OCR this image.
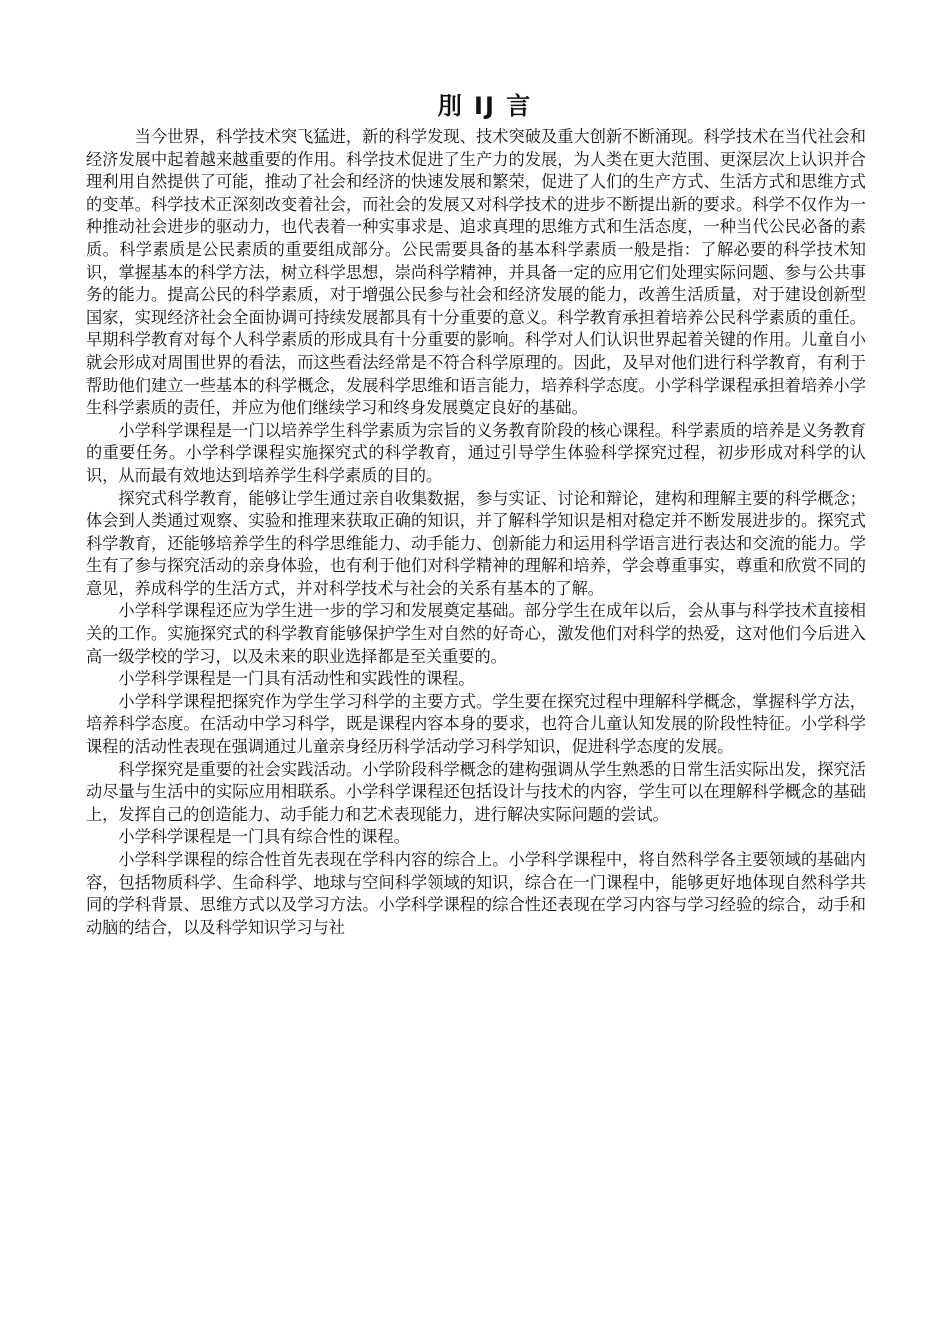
刖 IJ 言

当今世界，科学技术突飞猛进，新的科学发现、技术突破及重大创新不断涌现。科学技术在当代社会和经济发展中起着越来越重要的作用。科学技术促进了生产力的发展，为人类在更大范围、更深层次上认识并合理利用自然提供了可能，推动了社会和经济的快速发展和繁荣，促进了人们的生产方式、生活方式和思维方式的变革。科学技术正深刻改变着社会，而社会的发展又对科学技术的进步不断提出新的要求。科学不仅作为一种推动社会进步的驱动力，也代表着一种实事求是、追求真理的思维方式和生活态度，一种当代公民必备的素质。科学素质是公民素质的重要组成部分。公民需要具备的基本科学素质一般是指：了解必要的科学技术知识，掌握基本的科学方法，树立科学思想，崇尚科学精神，并具备一定的应用它们处理实际问题、参与公共事务的能力。提高公民的科学素质，对于增强公民参与社会和经济发展的能力，改善生活质量，对于建设创新型国家，实现经济社会全面协调可持续发展都具有十分重要的意义。科学教育承担着培养公民科学素质的重任。早期科学教育对每个人科学素质的形成具有十分重要的影响。科学对人们认识世界起着关键的作用。儿童自小就会形成对周围世界的看法，而这些看法经常是不符合科学原理的。因此，及早对他们进行科学教育，有利于帮助他们建立一些基本的科学概念，发展科学思维和语言能力，培养科学态度。小学科学课程承担着培养小学生科学素质的责任，并应为他们继续学习和终身发展奠定良好的基础。

小学科学课程是一门以培养学生科学素质为宗旨的义务教育阶段的核心课程。科学素质的培养是义务教育的重要任务。小学科学课程实施探究式的科学教育，通过引导学生体验科学探究过程，初步形成对科学的认识，从而最有效地达到培养学生科学素质的目的。

探究式科学教育，能够让学生通过亲自收集数据，参与实证、讨论和辩论，建构和理解主要的科学概念；体会到人类通过观察、实验和推理来获取正确的知识，并了解科学知识是相对稳定并不断发展进步的。探究式科学教育，还能够培养学生的科学思维能力、动手能力、创新能力和运用科学语言进行表达和交流的能力。学生有了参与探究活动的亲身体验，也有利于他们对科学精神的理解和培养，学会尊重事实，尊重和欣赏不同的意见，养成科学的生活方式，并对科学技术与社会的关系有基本的了解。

小学科学课程还应为学生进一步的学习和发展奠定基础。部分学生在成年以后，会从事与科学技术直接相关的工作。实施探究式的科学教育能够保护学生对自然的好奇心，激发他们对科学的热爱，这对他们今后进入高一级学校的学习，以及未来的职业选择都是至关重要的。

小学科学课程是一门具有活动性和实践性的课程。

小学科学课程把探究作为学生学习科学的主要方式。学生要在探究过程中理解科学概念，掌握科学方法，培养科学态度。在活动中学习科学，既是课程内容本身的要求，也符合儿童认知发展的阶段性特征。小学科学课程的活动性表现在强调通过儿童亲身经历科学活动学习科学知识，促进科学态度的发展。

科学探究是重要的社会实践活动。小学阶段科学概念的建构强调从学生熟悉的日常生活实际出发，探究活动尽量与生活中的实际应用相联系。小学科学课程还包括设计与技术的内容，学生可以在理解科学概念的基础上，发挥自己的创造能力、动手能力和艺术表现能力，进行解决实际问题的尝试。

小学科学课程是一门具有综合性的课程。

小学科学课程的综合性首先表现在学科内容的综合上。小学科学课程中，将自然科学各主要领域的基础内容，包括物质科学、生命科学、地球与空间科学领域的知识，综合在一门课程中，能够更好地体现自然科学共同的学科背景、思维方式以及学习方法。小学科学课程的综合性还表现在学习内容与学习经验的综合，动手和动脑的结合，以及科学知识学习与社
